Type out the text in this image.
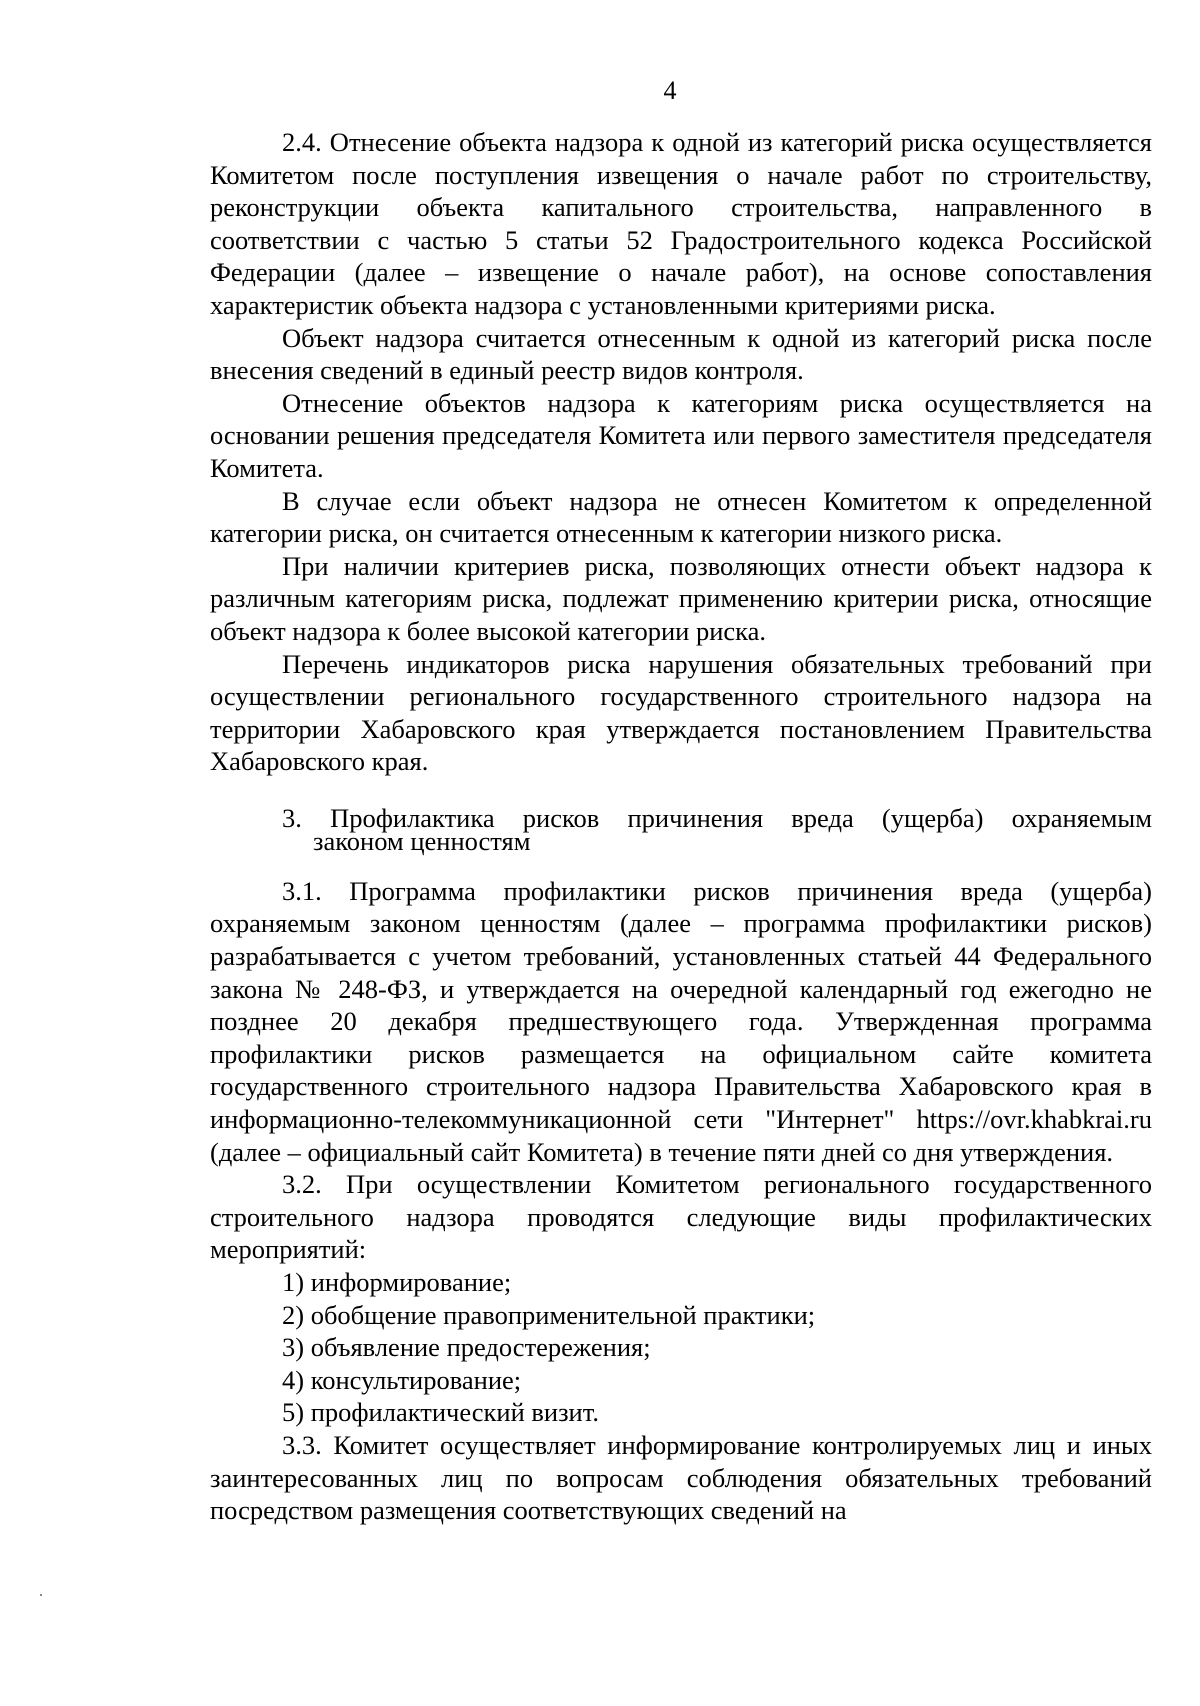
4

2.4. Отнесение объекта надзора к одной из категорий риска осуществляется Комитетом после поступления извещения о начале работ по строительству, реконструкции объекта капитального строительства, направленного в соответствии с частью 5 статьи 52 Градостроительного кодекса Российской Федерации (далее – извещение о начале работ), на основе сопоставления характеристик объекта надзора с установленными критериями риска.

Объект надзора считается отнесенным к одной из категорий риска после внесения сведений в единый реестр видов контроля.

Отнесение объектов надзора к категориям риска осуществляется на основании решения председателя Комитета или первого заместителя председателя Комитета.

В случае если объект надзора не отнесен Комитетом к определенной категории риска, он считается отнесенным к категории низкого риска.

При наличии критериев риска, позволяющих отнести объект надзора к различным категориям риска, подлежат применению критерии риска, относящие объект надзора к более высокой категории риска.

Перечень индикаторов риска нарушения обязательных требований при осуществлении регионального государственного строительного надзора на территории Хабаровского края утверждается постановлением Правительства Хабаровского края.

3. Профилактика рисков причинения вреда (ущерба) охраняемым
законом ценностям

3.1. Программа профилактики рисков причинения вреда (ущерба) охраняемым законом ценностям (далее – программа профилактики рисков) разрабатывается с учетом требований, установленных статьей 44 Федерального закона № 248-ФЗ, и утверждается на очередной календарный год ежегодно не позднее 20 декабря предшествующего года. Утвержденная программа профилактики рисков размещается на официальном сайте комитета государственного строительного надзора Правительства Хабаровского края в информационно-телекоммуникационной сети "Интернет" https://ovr.khabkrai.ru (далее – официальный сайт Комитета) в течение пяти дней со дня утверждения.

3.2. При осуществлении Комитетом регионального государственного строительного надзора проводятся следующие виды профилактических мероприятий:

1) информирование;
2) обобщение правоприменительной практики;
3) объявление предостережения;
4) консультирование;
5) профилактический визит.

3.3. Комитет осуществляет информирование контролируемых лиц и иных заинтересованных лиц по вопросам соблюдения обязательных требований посредством размещения соответствующих сведений на
